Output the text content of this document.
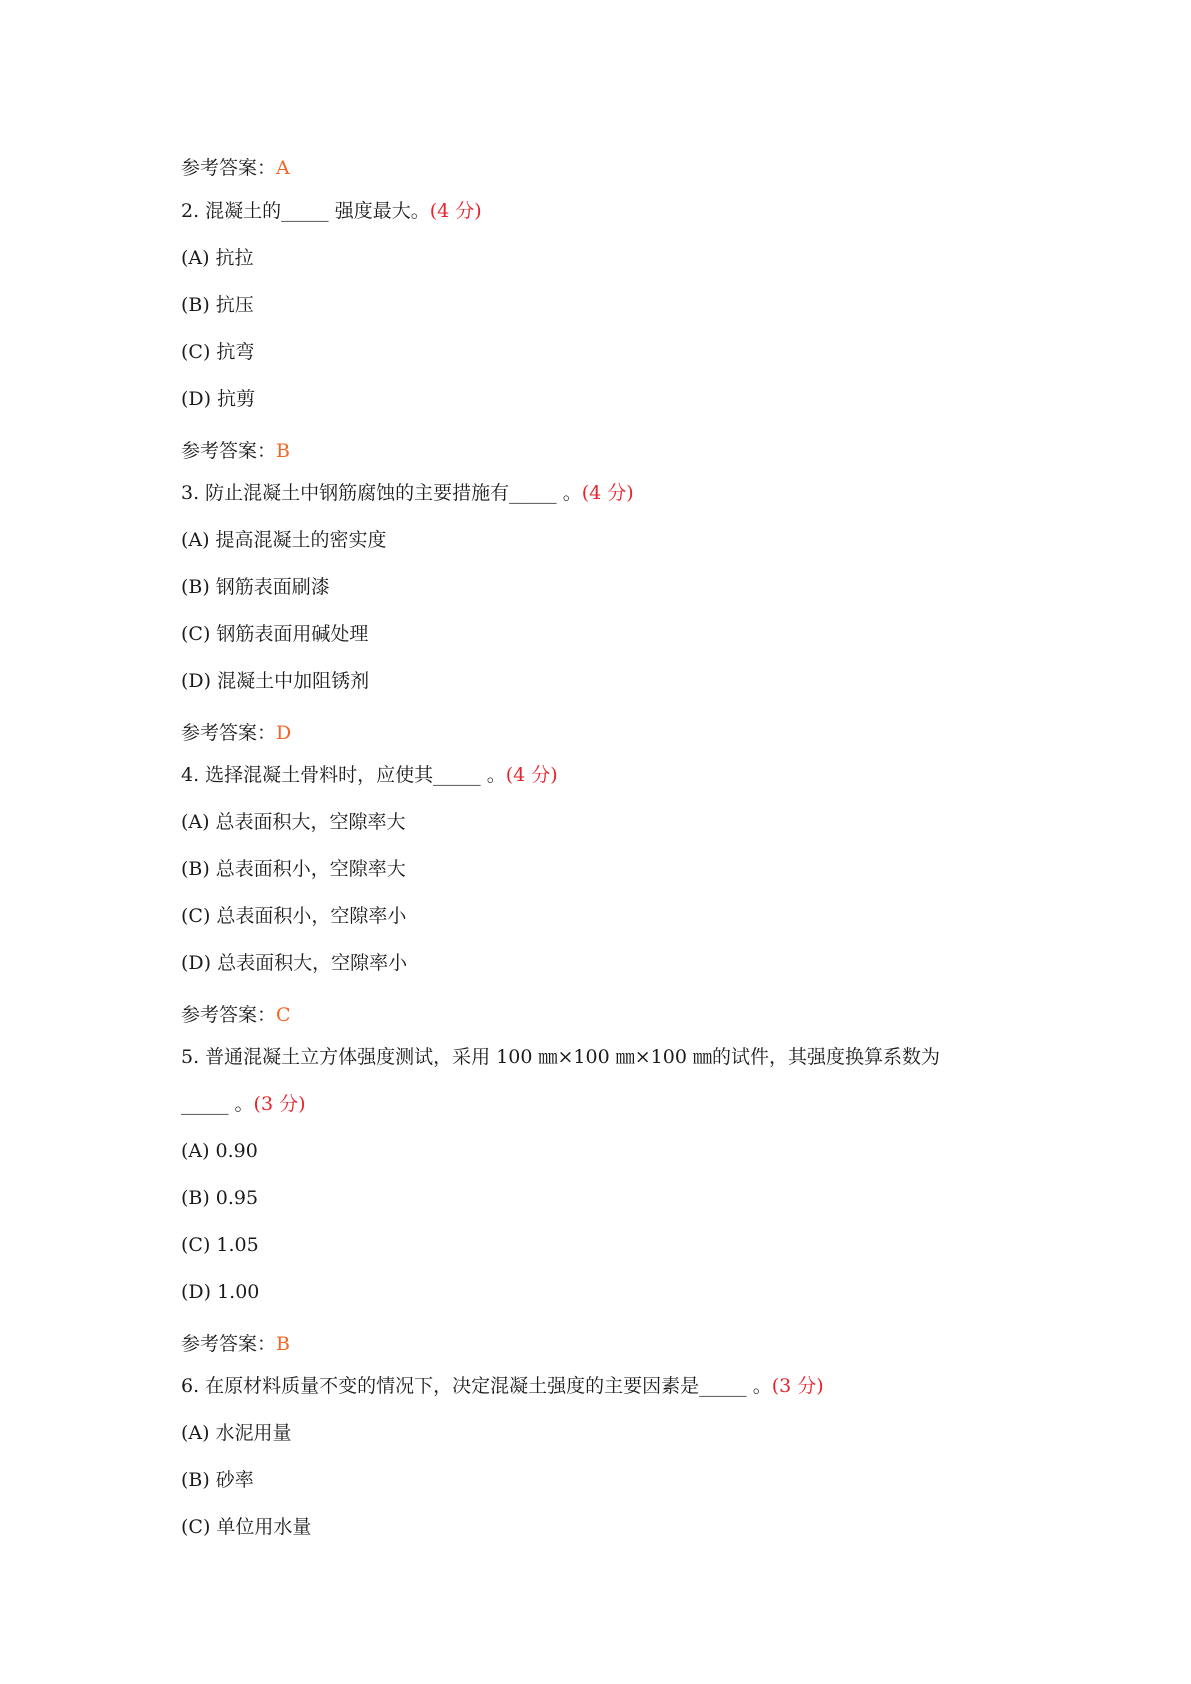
参考答案：A
2. 混凝土的_____ 强度最大。(4 分)
(A) 抗拉
(B) 抗压
(C) 抗弯
(D) 抗剪
参考答案：B
3. 防止混凝土中钢筋腐蚀的主要措施有_____ 。(4 分)
(A) 提高混凝土的密实度
(B) 钢筋表面刷漆
(C) 钢筋表面用碱处理
(D) 混凝土中加阻锈剂
参考答案：D
4. 选择混凝土骨料时，应使其_____ 。(4 分)
(A) 总表面积大，空隙率大
(B) 总表面积小，空隙率大
(C) 总表面积小，空隙率小
(D) 总表面积大，空隙率小
参考答案：C
5. 普通混凝土立方体强度测试，采用 100 ㎜×100 ㎜×100 ㎜的试件，其强度换算系数为
_____ 。(3 分)
(A) 0.90
(B) 0.95
(C) 1.05
(D) 1.00
参考答案：B
6. 在原材料质量不变的情况下，决定混凝土强度的主要因素是_____ 。(3 分)
(A) 水泥用量
(B) 砂率
(C) 单位用水量
